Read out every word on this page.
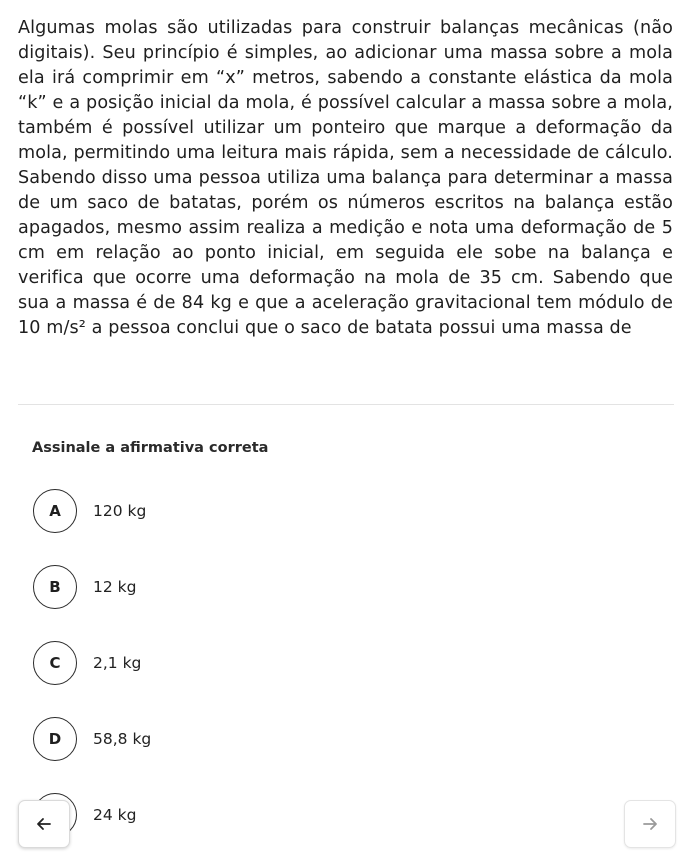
Algumas molas são utilizadas para construir balanças mecânicas (não digitais). Seu princípio é simples, ao adicionar uma massa sobre a mola ela irá comprimir em “x” metros, sabendo a constante elástica da mola “k” e a posição inicial da mola, é possível calcular a massa sobre a mola, também é possível utilizar um ponteiro que marque a deformação da mola, permitindo uma leitura mais rápida, sem a necessidade de cálculo. Sabendo disso uma pessoa utiliza uma balança para determinar a massa de um saco de batatas, porém os números escritos na balança estão apagados, mesmo assim realiza a medição e nota uma deformação de 5 cm em relação ao ponto inicial, em seguida ele sobe na balança e verifica que ocorre uma deformação na mola de 35 cm. Sabendo que sua a massa é de 84 kg e que a aceleração gravitacional tem módulo de 10 m/s² a pessoa conclui que o saco de batata possui uma massa de

Assinale a afirmativa correta
A	120 kg
B	12 kg
C	2,1 kg
D	58,8 kg
24 kg
